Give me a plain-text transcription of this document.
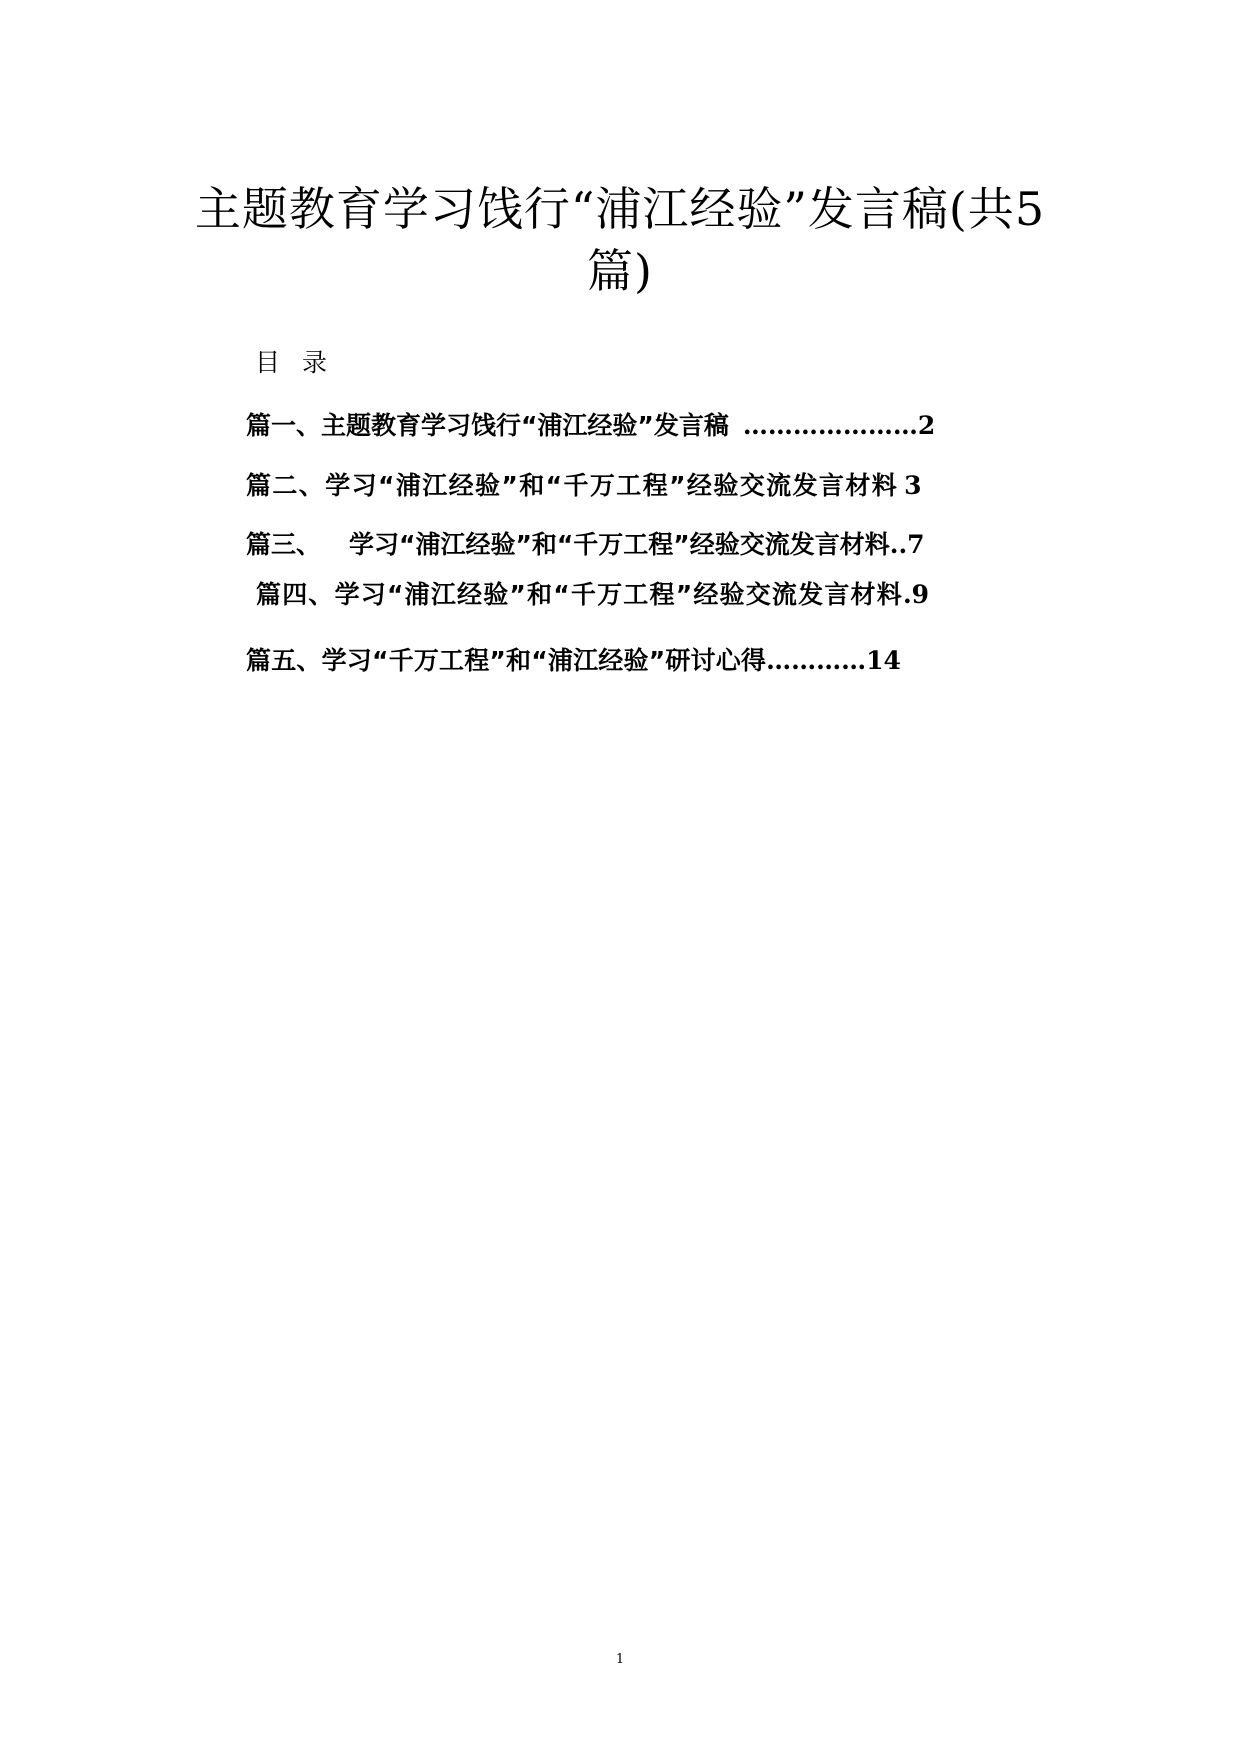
主题教育学习饯行“浦江经验”发言稿(共5
篇)
目录
篇一、主题教育学习饯行“浦江经验”发言稿 ………………… 2
篇二、学习“浦江经验”和“千万工程”经验交流发言材料 3
篇三、 学习“浦江经验”和“千万工程”经验交流发言材料 .. 7
篇四、学习“浦江经验”和“千万工程”经验交流发言材料 . 9
篇五、学习“千万工程”和“浦江经验”研讨心得 ………… 14
1
